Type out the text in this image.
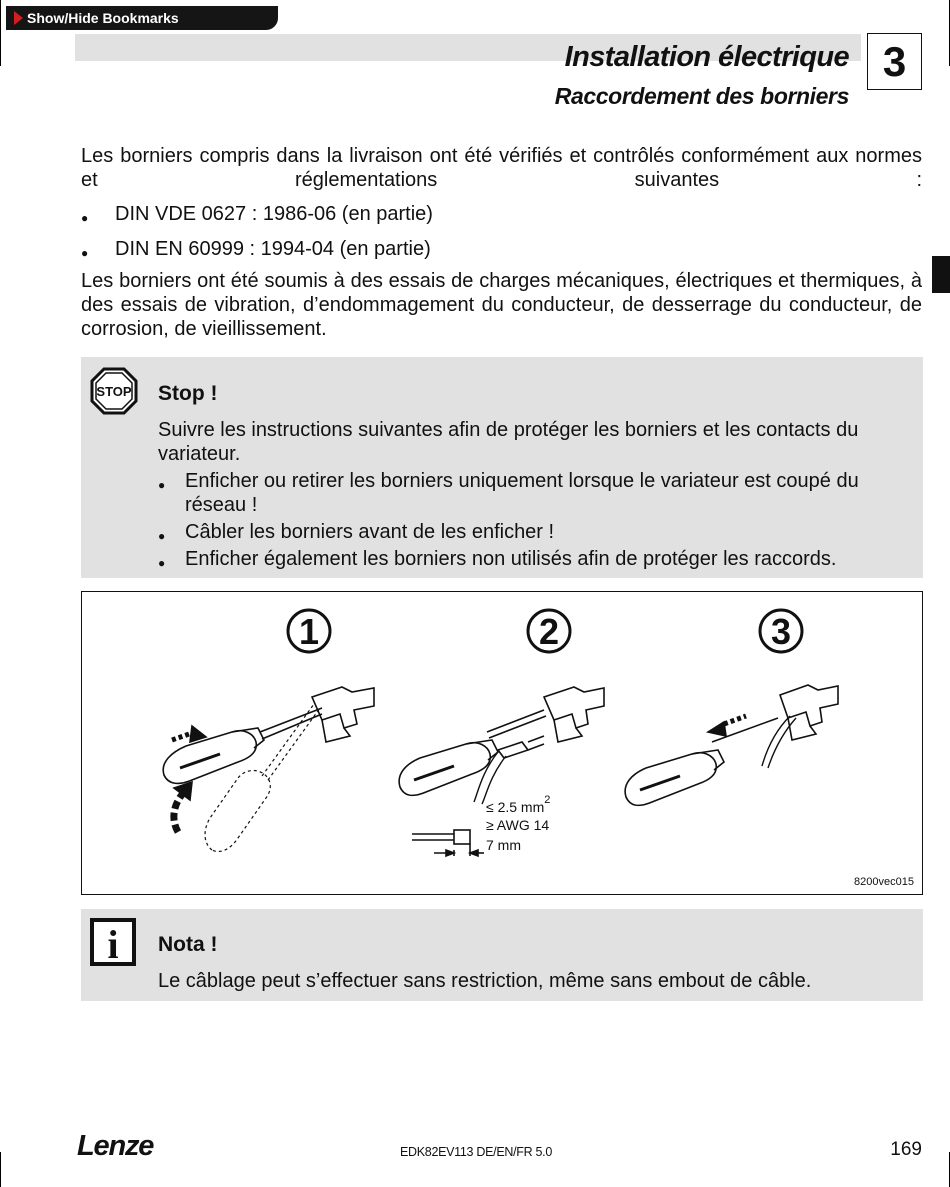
Show/Hide Bookmarks
Installation électrique
Raccordement des borniers
3
Les borniers compris dans la livraison ont été vérifiés et contrôlés conformément aux normes et réglementations suivantes :
● DIN VDE 0627 : 1986-06 (en partie)
● DIN EN 60999 : 1994-04 (en partie)
Les borniers ont été soumis à des essais de charges mécaniques, électriques et thermiques, à des essais de vibration, d’endommagement du conducteur, de desserrage du conducteur, de corrosion, de vieillissement.
STOP Stop !
Suivre les instructions suivantes afin de protéger les borniers et les contacts du variateur.
● Enficher ou retirer les borniers uniquement lorsque le variateur est coupé du réseau !
● Câbler les borniers avant de les enficher !
● Enficher également les borniers non utilisés afin de protéger les raccords.
1	2	3
≤ 2.5 $mm^2$
≥ AWG 14
7 mm
8200vec015
i Nota !
Le câblage peut s’effectuer sans restriction, même sans embout de câble.
Lenze	EDK82EV113 DE/EN/FR 5.0	169
